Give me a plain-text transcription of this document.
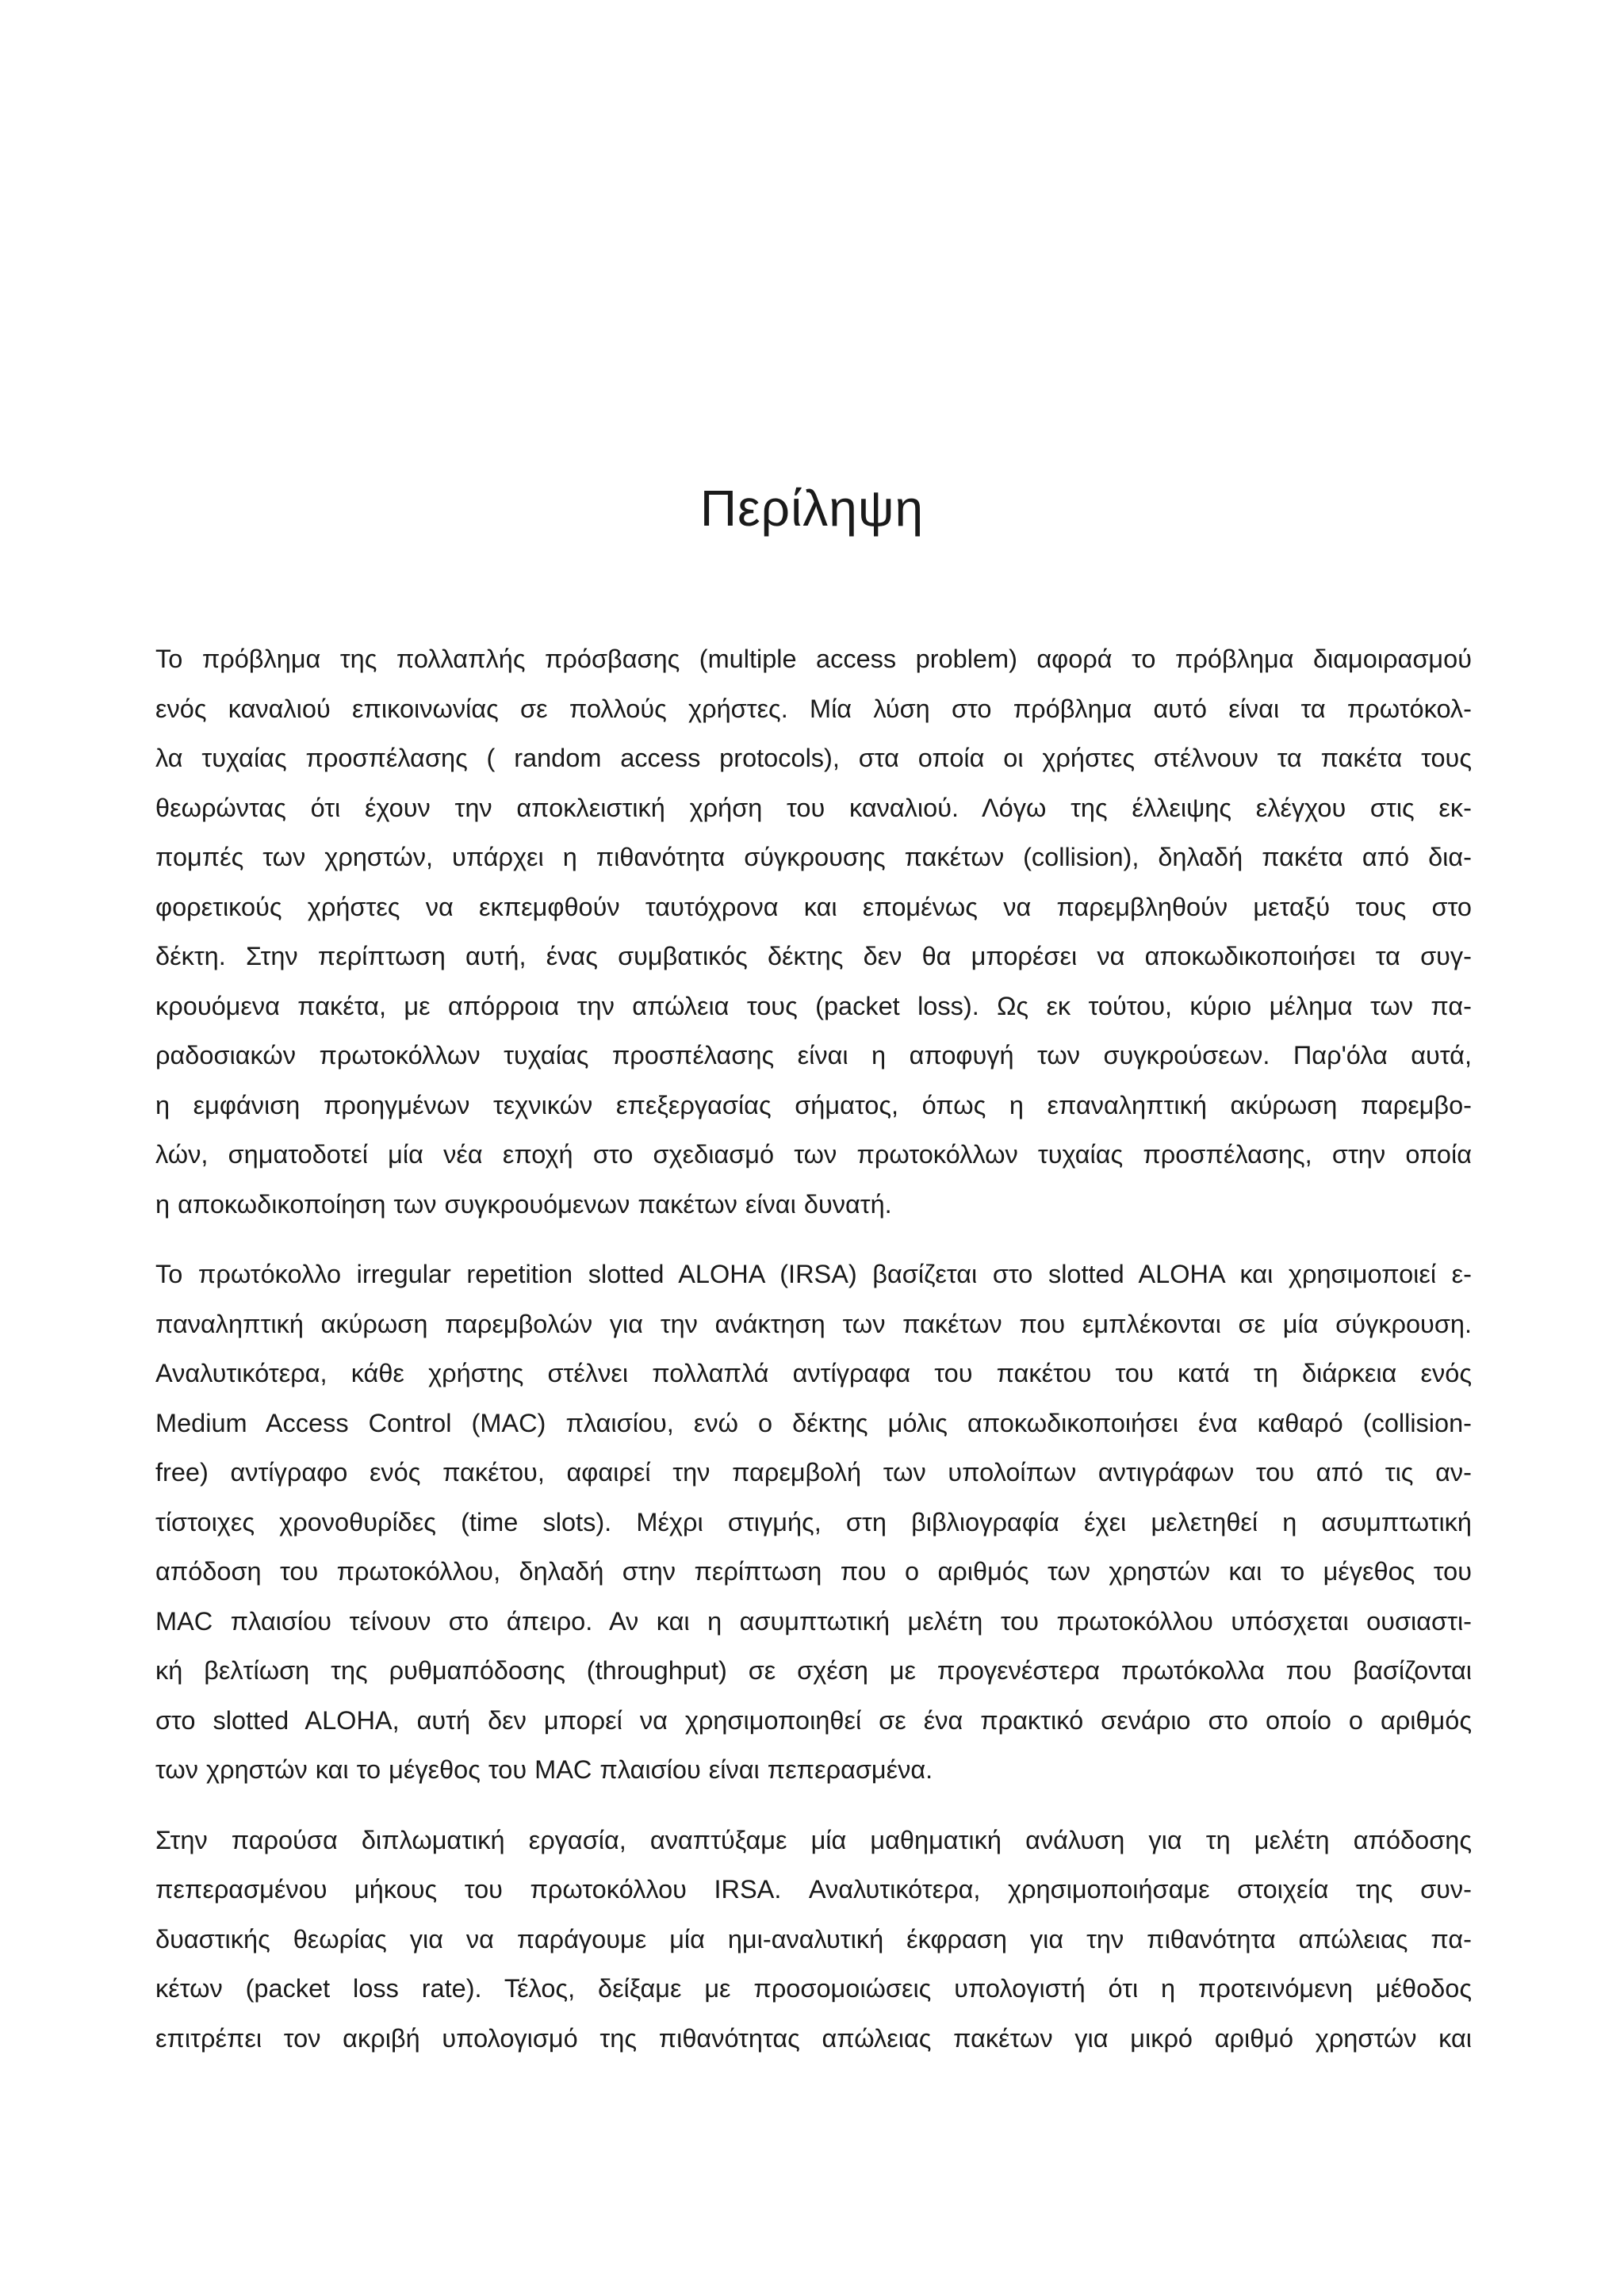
Περίληψη

Το πρόβλημα της πολλαπλής πρόσβασης (multiple access problem) αφορά το πρόβλημα διαμοιρασμού
ενός καναλιού επικοινωνίας σε πολλούς χρήστες. Μία λύση στο πρόβλημα αυτό είναι τα πρωτόκολ-
λα τυχαίας προσπέλασης ( random access protocols), στα οποία οι χρήστες στέλνουν τα πακέτα τους
θεωρώντας ότι έχουν την αποκλειστική χρήση του καναλιού. Λόγω της έλλειψης ελέγχου στις εκ-
πομπές των χρηστών, υπάρχει η πιθανότητα σύγκρουσης πακέτων (collision), δηλαδή πακέτα από δια-
φορετικούς χρήστες να εκπεμφθούν ταυτόχρονα και επομένως να παρεμβληθούν μεταξύ τους στο
δέκτη. Στην περίπτωση αυτή, ένας συμβατικός δέκτης δεν θα μπορέσει να αποκωδικοποιήσει τα συγ-
κρουόμενα πακέτα, με απόρροια την απώλεια τους (packet loss). Ως εκ τούτου, κύριο μέλημα των πα-
ραδοσιακών πρωτοκόλλων τυχαίας προσπέλασης είναι η αποφυγή των συγκρούσεων. Παρ'όλα αυτά,
η εμφάνιση προηγμένων τεχνικών επεξεργασίας σήματος, όπως η επαναληπτική ακύρωση παρεμβο-
λών, σηματοδοτεί μία νέα εποχή στο σχεδιασμό των πρωτοκόλλων τυχαίας προσπέλασης, στην οποία
η αποκωδικοποίηση των συγκρουόμενων πακέτων είναι δυνατή.

Το πρωτόκολλο irregular repetition slotted ALOHA (IRSA) βασίζεται στο slotted ALOHA και χρησιμοποιεί ε-
παναληπτική ακύρωση παρεμβολών για την ανάκτηση των πακέτων που εμπλέκονται σε μία σύγκρουση.
Αναλυτικότερα, κάθε χρήστης στέλνει πολλαπλά αντίγραφα του πακέτου του κατά τη διάρκεια ενός
Medium Access Control (MAC) πλαισίου, ενώ ο δέκτης μόλις αποκωδικοποιήσει ένα καθαρό (collision-
free) αντίγραφο ενός πακέτου, αφαιρεί την παρεμβολή των υπολοίπων αντιγράφων του από τις αν-
τίστοιχες χρονοθυρίδες (time slots). Μέχρι στιγμής, στη βιβλιογραφία έχει μελετηθεί η ασυμπτωτική
απόδοση του πρωτοκόλλου, δηλαδή στην περίπτωση που ο αριθμός των χρηστών και το μέγεθος του
MAC πλαισίου τείνουν στο άπειρο. Αν και η ασυμπτωτική μελέτη του πρωτοκόλλου υπόσχεται ουσιαστι-
κή βελτίωση της ρυθμαπόδοσης (throughput) σε σχέση με προγενέστερα πρωτόκολλα που βασίζονται
στο slotted ALOHA, αυτή δεν μπορεί να χρησιμοποιηθεί σε ένα πρακτικό σενάριο στο οποίο ο αριθμός
των χρηστών και το μέγεθος του MAC πλαισίου είναι πεπερασμένα.

Στην παρούσα διπλωματική εργασία, αναπτύξαμε μία μαθηματική ανάλυση για τη μελέτη απόδοσης
πεπερασμένου μήκους του πρωτοκόλλου IRSA. Αναλυτικότερα, χρησιμοποιήσαμε στοιχεία της συν-
δυαστικής θεωρίας για να παράγουμε μία ημι-αναλυτική έκφραση για την πιθανότητα απώλειας πα-
κέτων (packet loss rate). Τέλος, δείξαμε με προσομοιώσεις υπολογιστή ότι η προτεινόμενη μέθοδος
επιτρέπει τον ακριβή υπολογισμό της πιθανότητας απώλειας πακέτων για μικρό αριθμό χρηστών και
